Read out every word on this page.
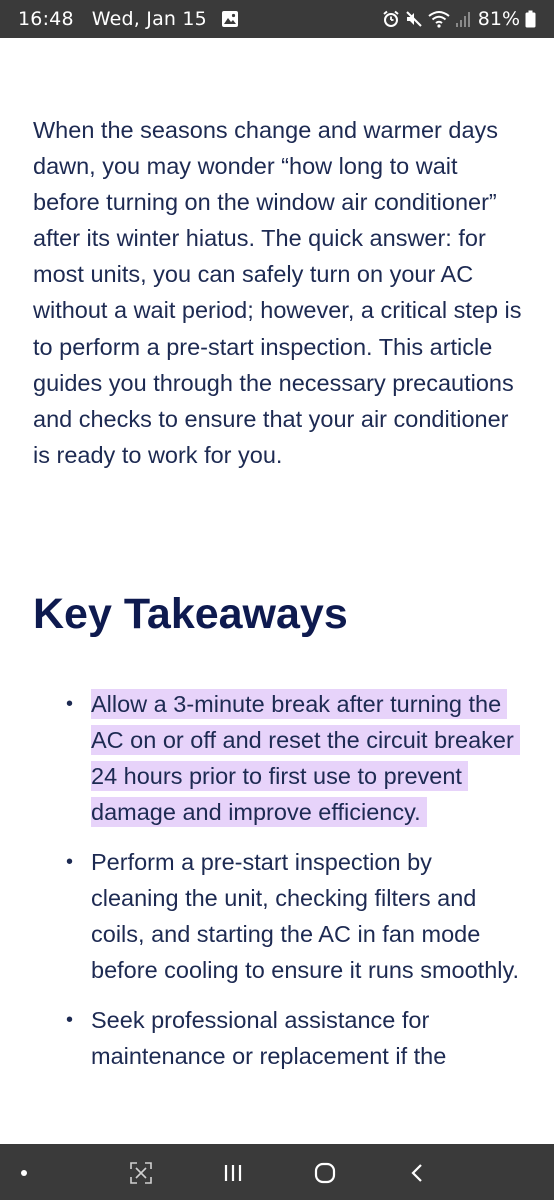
16:48 Wed, Jan 15	81%

When the seasons change and warmer days dawn, you may wonder “how long to wait before turning on the window air conditioner” after its winter hiatus. The quick answer: for most units, you can safely turn on your AC without a wait period; however, a critical step is to perform a pre-start inspection. This article guides you through the necessary precautions and checks to ensure that your air conditioner is ready to work for you.

Key Takeaways
• Allow a 3-minute break after turning the AC on or off and reset the circuit breaker 24 hours prior to first use to prevent damage and improve efficiency.
• Perform a pre-start inspection by cleaning the unit, checking filters and coils, and starting the AC in fan mode before cooling to ensure it runs smoothly.
• Seek professional assistance for maintenance or replacement if the
